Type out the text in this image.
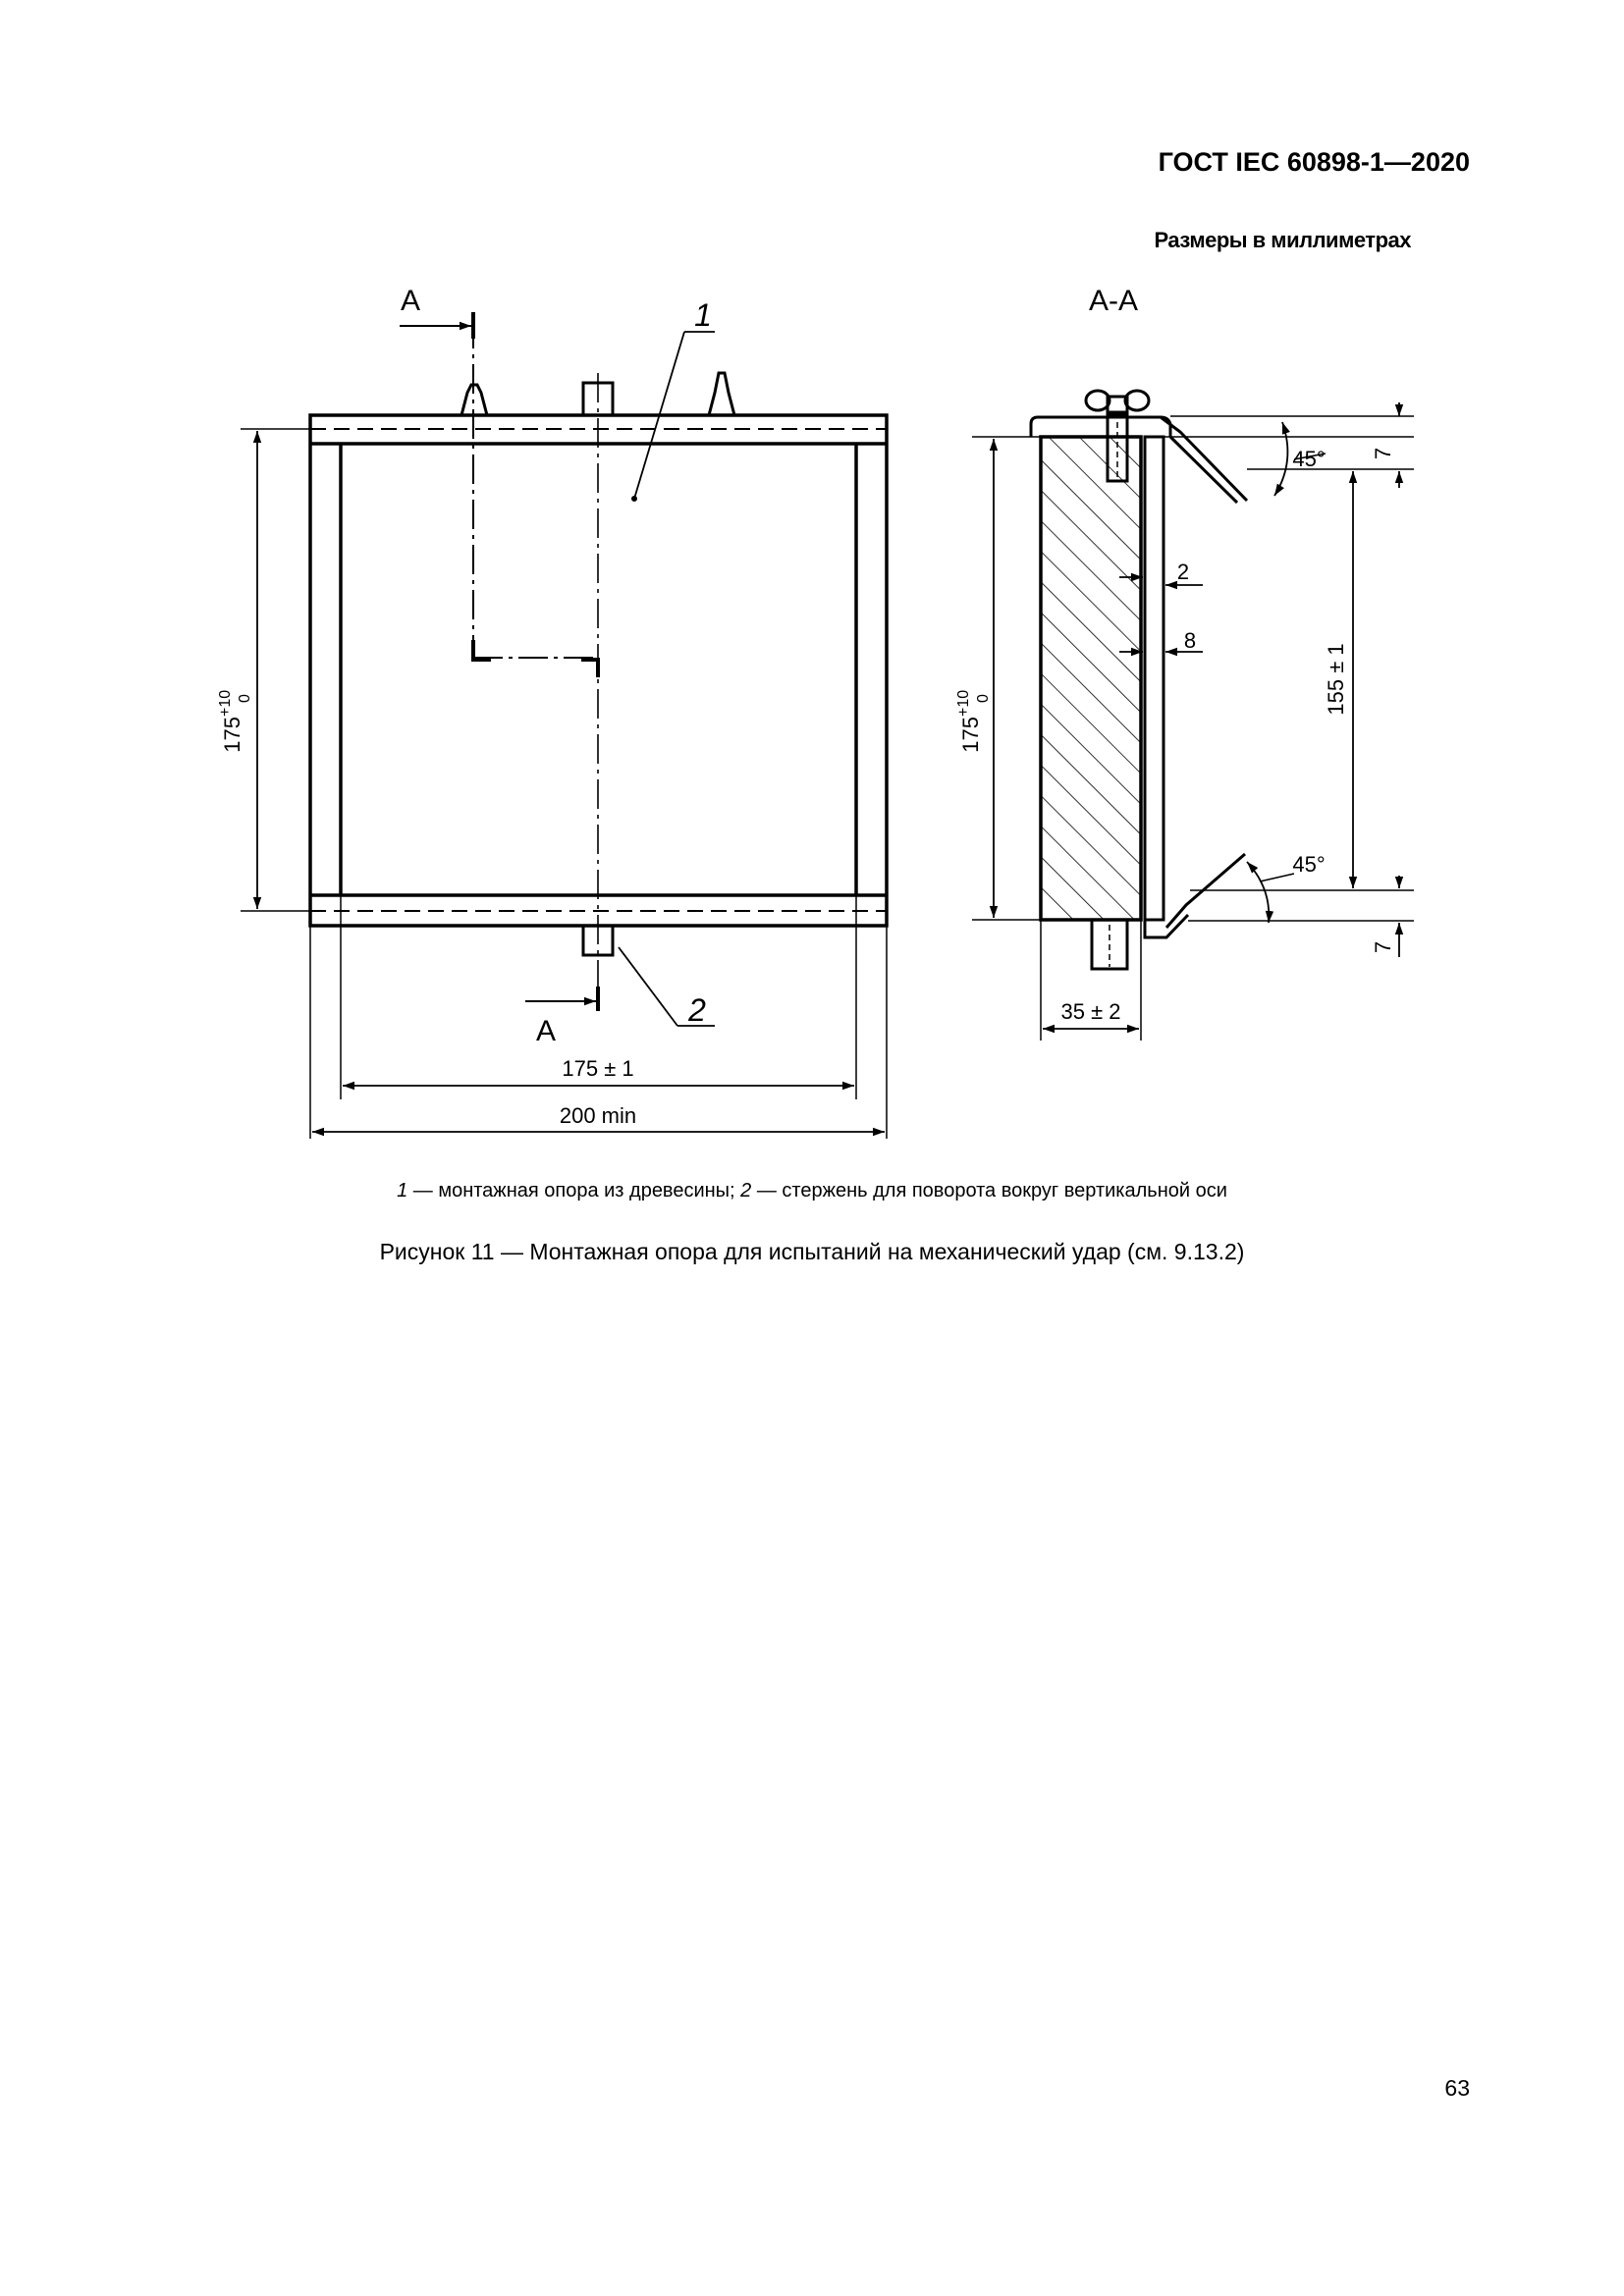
ГОСТ IEC 60898-1—2020
Размеры в миллиметрах
А
А
1
2
175 ± 1
200 min
175
+10 0
А-А
2
8
45°
45°
35 ± 2
7
7
155 ± 1
175
+10 0
1 — монтажная опора из древесины; 2 — стержень для поворота вокруг вертикальной оси
Рисунок 11 — Монтажная опора для испытаний на механический удар (см. 9.13.2)
63
